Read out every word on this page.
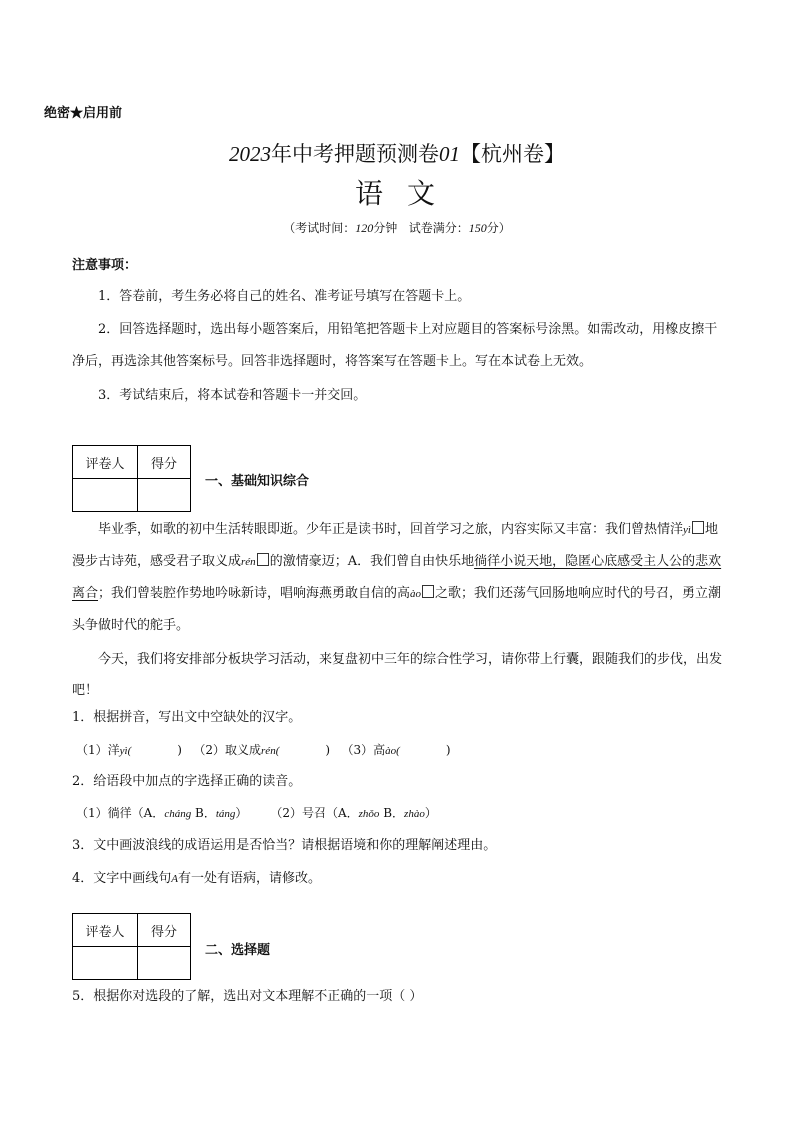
绝密★启用前
2023年中考押题预测卷01【杭州卷】
语文
（考试时间：120分钟 试卷满分：150分）
注意事项：
1．答卷前，考生务必将自己的姓名、准考证号填写在答题卡上。
2．回答选择题时，选出每小题答案后，用铅笔把答题卡上对应题目的答案标号涂黑。如需改动，用橡皮擦干净后，再选涂其他答案标号。回答非选择题时，将答案写在答题卡上。写在本试卷上无效。
3．考试结束后，将本试卷和答题卡一并交回。
评卷人	得分

一、基础知识综合
毕业季，如歌的初中生活转眼即逝。少年正是读书时，回首学习之旅，内容实际又丰富：我们曾热情洋yì 地漫步古诗苑，感受君子取义成rén 的激情豪迈；A．我们曾自由快乐地徜徉小说天地，隐匿心底感受主人公的悲欢离合；我们曾装腔作势地吟咏新诗，唱响海燕勇敢自信的高ào 之歌；我们还荡气回肠地响应时代的号召，勇立潮头争做时代的舵手。
今天，我们将安排部分板块学习活动，来复盘初中三年的综合性学习，请你带上行囊，跟随我们的步伐，出发吧！
1．根据拼音，写出文中空缺处的汉字。
（1）洋yì(	) （2）取义成rén(	) （3）高ào(	)
2．给语段中加点的字选择正确的读音。
（1）徜徉（A．cháng B．táng） （2）号召（A．zhǒo B．zhào）
3．文中画波浪线的成语运用是否恰当？请根据语境和你的理解阐述理由。
4．文字中画线句A有一处有语病，请修改。
评卷人	得分

二、选择题
5．根据你对选段的了解，选出对文本理解不正确的一项（ ）
